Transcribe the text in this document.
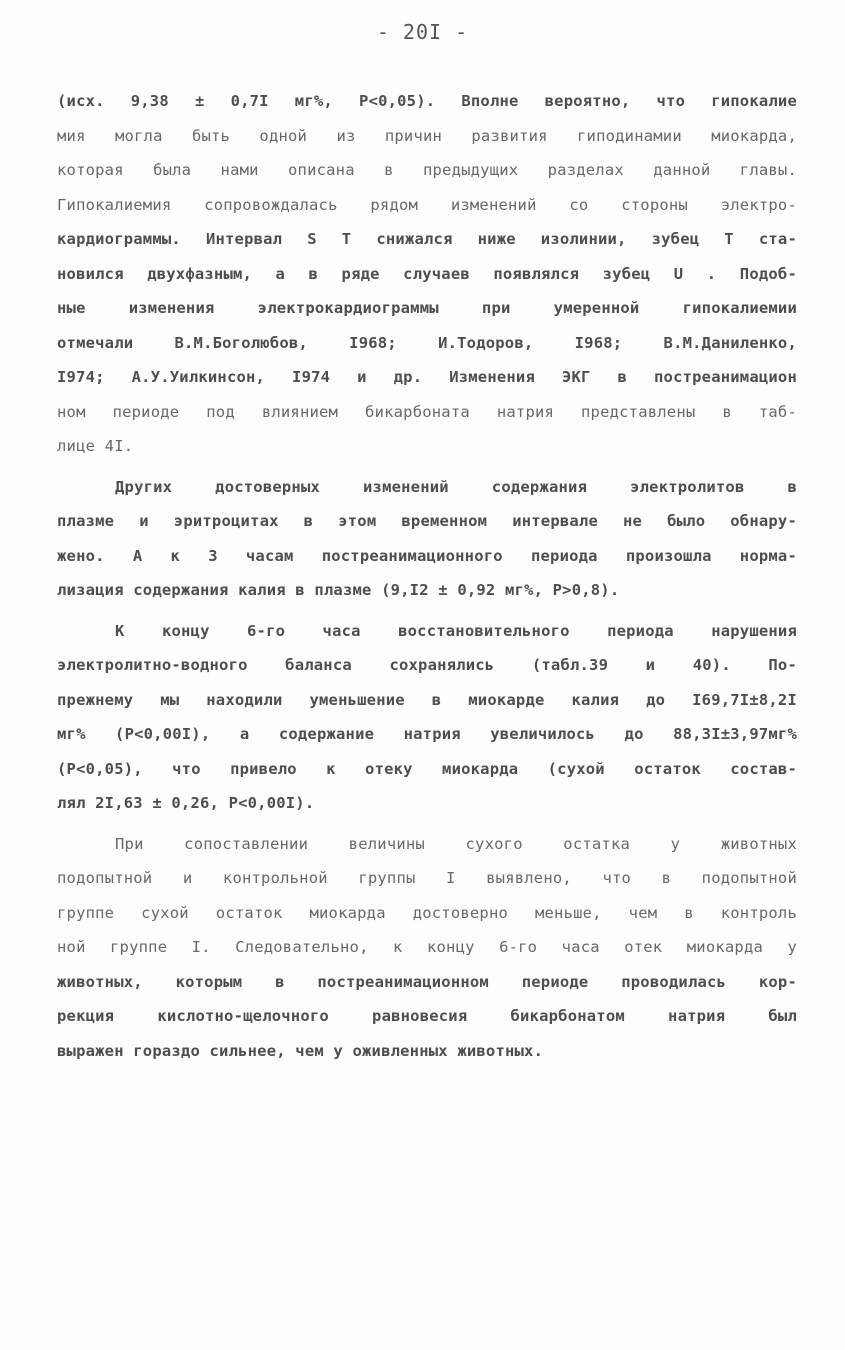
- 20I -
(исх. 9,38 ± 0,7I мг%, P<0,05). Вполне вероятно, что гипокалие
мия могла быть одной из причин развития гиподинамии миокарда,
которая была нами описана в предыдущих разделах данной главы.
Гипокалиемия сопровождалась рядом изменений со стороны электро-
кардиограммы. Интервал S T снижался ниже изолинии, зубец T ста-
новился двухфазным, а в ряде случаев появлялся зубец U . Подоб-
ные изменения электрокардиограммы при умеренной гипокалиемии
отмечали В.М.Боголюбов, I968; И.Тодоров, I968; В.М.Даниленко,
I974; А.У.Уилкинсон, I974 и др. Изменения ЭКГ в постреанимацион
ном периоде под влиянием бикарбоната натрия представлены в таб-
лице 4I.
Других достоверных изменений содержания электролитов в
плазме и эритроцитах в этом временном интервале не было обнару-
жено. А к 3 часам постреанимационного периода произошла норма-
лизация содержания калия в плазме (9,I2 ± 0,92 мг%, P>0,8).
К концу 6-го часа восстановительного периода нарушения
электролитно-водного баланса сохранялись (табл.39 и 40). По-
прежнему мы находили уменьшение в миокарде калия до I69,7I±8,2I
мг% (P<0,00I), а содержание натрия увеличилось до 88,3I±3,97мг%
(P<0,05), что привело к отеку миокарда (сухой остаток состав-
лял 2I,63 ± 0,26, P<0,00I).
При сопоставлении величины сухого остатка у животных
подопытной и контрольной группы I выявлено, что в подопытной
группе сухой остаток миокарда достоверно меньше, чем в контроль
ной группе I. Следовательно, к концу 6-го часа отек миокарда у
животных, которым в постреанимационном периоде проводилась кор-
рекция кислотно-щелочного равновесия бикарбонатом натрия был
выражен гораздо сильнее, чем у оживленных животных.
